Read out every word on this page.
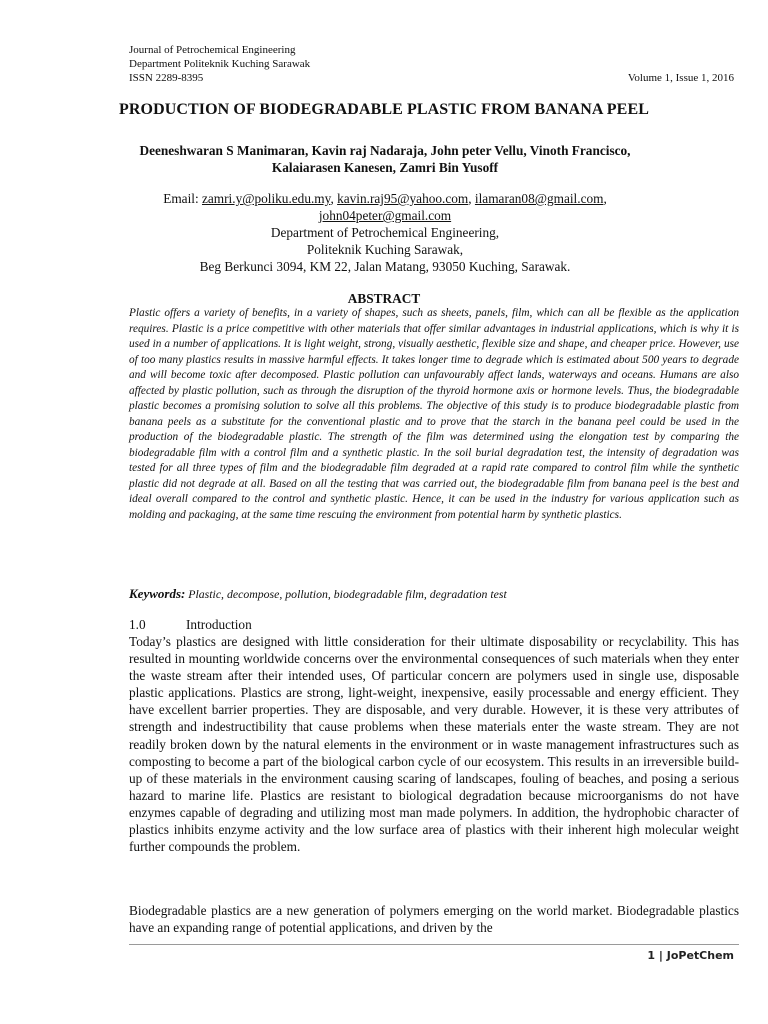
Journal of Petrochemical Engineering
Department Politeknik Kuching Sarawak
ISSN 2289-8395	Volume 1, Issue 1, 2016
PRODUCTION OF BIODEGRADABLE PLASTIC FROM BANANA PEEL
Deeneshwaran S Manimaran, Kavin raj Nadaraja, John peter Vellu, Vinoth Francisco,
Kalaiarasen Kanesen, Zamri Bin Yusoff
Email: zamri.y@poliku.edu.my, kavin.raj95@yahoo.com, ilamaran08@gmail.com,
john04peter@gmail.com
Department of Petrochemical Engineering,
Politeknik Kuching Sarawak,
Beg Berkunci 3094, KM 22, Jalan Matang, 93050 Kuching, Sarawak.
ABSTRACT

Plastic offers a variety of benefits, in a variety of shapes, such as sheets, panels, film, which can all be flexible as the application requires. Plastic is a price competitive with other materials that offer similar advantages in industrial applications, which is why it is used in a number of applications. It is light weight, strong, visually aesthetic, flexible size and shape, and cheaper price. However, use of too many plastics results in massive harmful effects. It takes longer time to degrade which is estimated about 500 years to degrade and will become toxic after decomposed. Plastic pollution can unfavourably affect lands, waterways and oceans. Humans are also affected by plastic pollution, such as through the disruption of the thyroid hormone axis or hormone levels. Thus, the biodegradable plastic becomes a promising solution to solve all this problems. The objective of this study is to produce biodegradable plastic from banana peels as a substitute for the conventional plastic and to prove that the starch in the banana peel could be used in the production of the biodegradable plastic. The strength of the film was determined using the elongation test by comparing the biodegradable film with a control film and a synthetic plastic. In the soil burial degradation test, the intensity of degradation was tested for all three types of film and the biodegradable film degraded at a rapid rate compared to control film while the synthetic plastic did not degrade at all. Based on all the testing that was carried out, the biodegradable film from banana peel is the best and ideal overall compared to the control and synthetic plastic. Hence, it can be used in the industry for various application such as molding and packaging, at the same time rescuing the environment from potential harm by synthetic plastics.

Keywords: Plastic, decompose, pollution, biodegradable film, degradation test
1.0	Introduction

Today’s plastics are designed with little consideration for their ultimate disposability or recyclability. This has resulted in mounting worldwide concerns over the environmental consequences of such materials when they enter the waste stream after their intended uses, Of particular concern are polymers used in single use, disposable plastic applications. Plastics are strong, light-weight, inexpensive, easily processable and energy efficient. They have excellent barrier properties. They are disposable, and very durable. However, it is these very attributes of strength and indestructibility that cause problems when these materials enter the waste stream. They are not readily broken down by the natural elements in the environment or in waste management infrastructures such as composting to become a part of the biological carbon cycle of our ecosystem. This results in an irreversible build-up of these materials in the environment causing scaring of landscapes, fouling of beaches, and posing a serious hazard to marine life. Plastics are resistant to biological degradation because microorganisms do not have enzymes capable of degrading and utilizing most man made polymers. In addition, the hydrophobic character of plastics inhibits enzyme activity and the low surface area of plastics with their inherent high molecular weight further compounds the problem.

Biodegradable plastics are a new generation of polymers emerging on the world market. Biodegradable plastics have an expanding range of potential applications, and driven by the

1 | JoPetChem
